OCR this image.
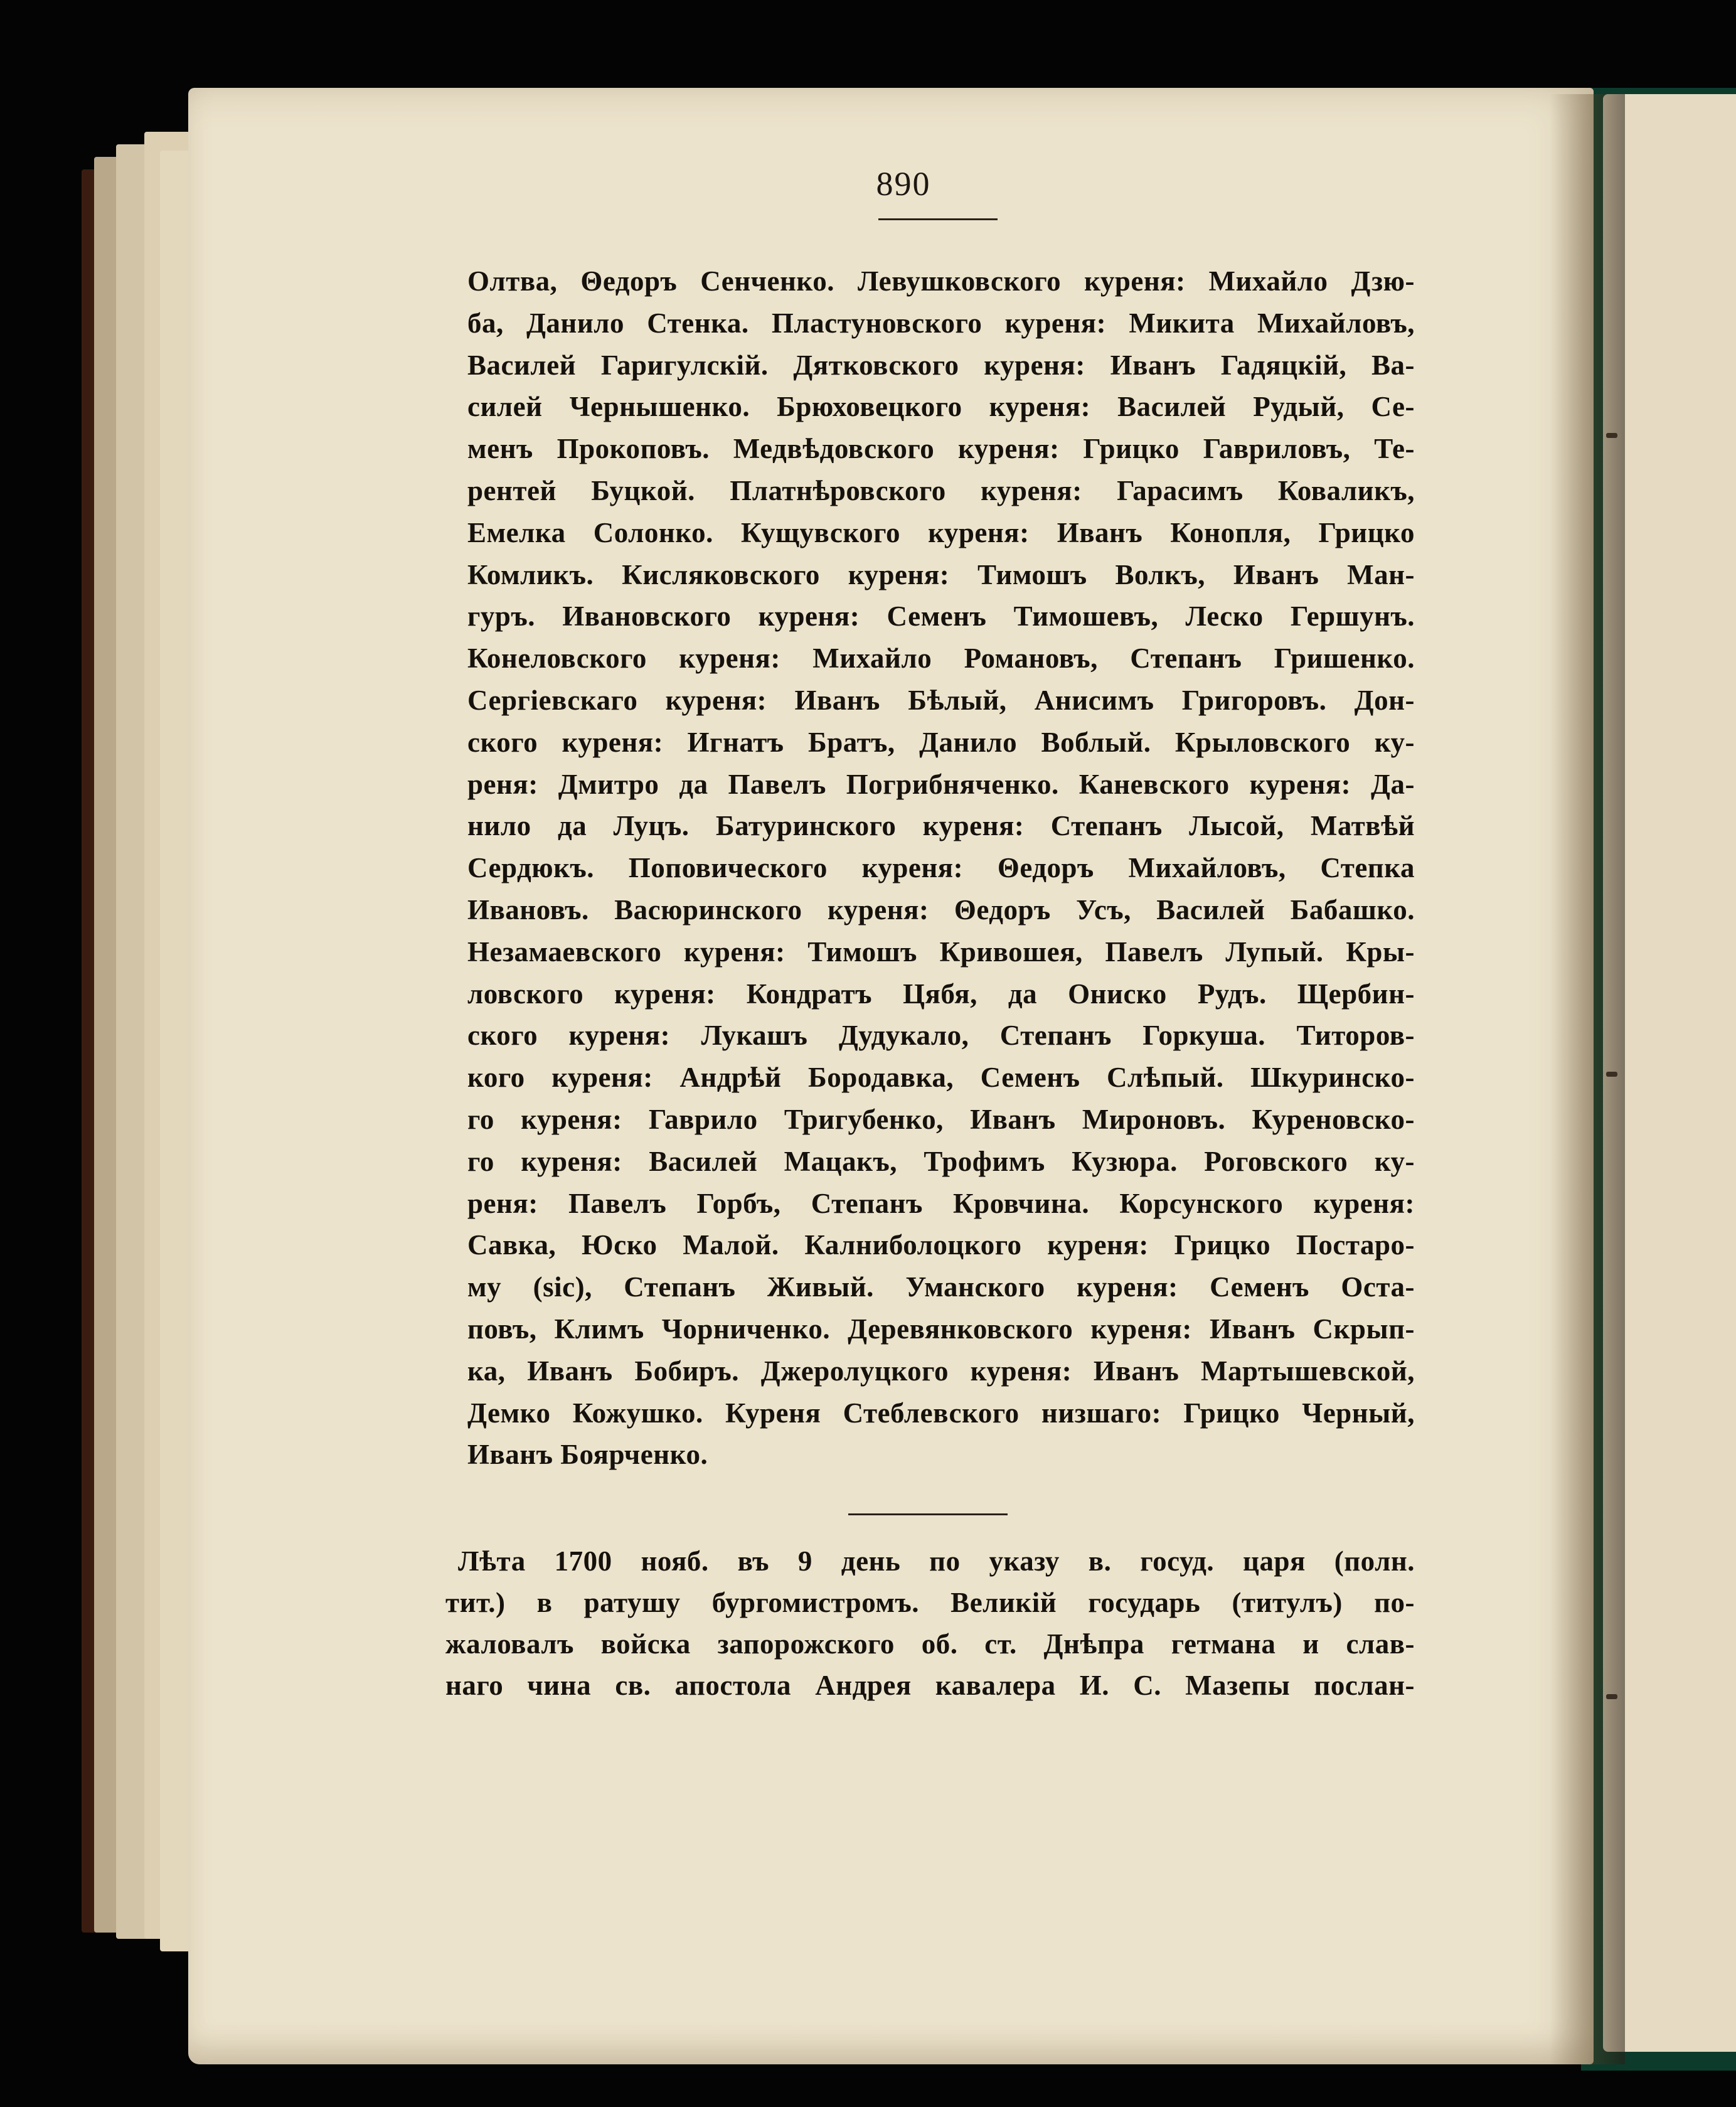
890
Олтва, Θедоръ Сенченко. Левушковского куреня: Михайло Дзю-
ба, Данило Стенка. Пластуновского куреня: Микита Михайловъ,
Василей Гаригулскій. Дятковского куреня: Иванъ Гадяцкій, Ва-
силей Чернышенко. Брюховецкого куреня: Василей Рудый, Се-
менъ Прокоповъ. Медвѣдовского куреня: Грицко Гавриловъ, Те-
рентей Буцкой. Платнѣровского куреня: Гарасимъ Коваликъ,
Емелка Солонко. Кущувского куреня: Иванъ Конопля, Грицко
Комликъ. Кисляковского куреня: Тимошъ Волкъ, Иванъ Ман-
гуръ. Ивановского куреня: Семенъ Тимошевъ, Леско Гершунъ.
Конеловского куреня: Михайло Романовъ, Степанъ Гришенко.
Сергіевскаго куреня: Иванъ Бѣлый, Анисимъ Григоровъ. Дон-
ского куреня: Игнатъ Братъ, Данило Воблый. Крыловского ку-
реня: Дмитро да Павелъ Погрибняченко. Каневского куреня: Да-
нило да Луцъ. Батуринского куреня: Степанъ Лысой, Матвѣй
Сердюкъ. Поповического куреня: Θедоръ Михайловъ, Степка
Ивановъ. Васюринского куреня: Θедоръ Усъ, Василей Бабашко.
Незамаевского куреня: Тимошъ Кривошея, Павелъ Лупый. Кры-
ловского куреня: Кондратъ Цябя, да Ониско Рудъ. Щербин-
ского куреня: Лукашъ Дудукало, Степанъ Горкуша. Титоров-
кого куреня: Андрѣй Бородавка, Семенъ Слѣпый. Шкуринско-
го куреня: Гаврило Тригубенко, Иванъ Мироновъ. Куреновско-
го куреня: Василей Мацакъ, Трофимъ Кузюра. Роговского ку-
реня: Павелъ Горбъ, Степанъ Кровчина. Корсунского куреня:
Савка, Юско Малой. Калниболоцкого куреня: Грицко Постаро-
му (sic), Степанъ Живый. Уманского куреня: Семенъ Оста-
повъ, Климъ Чорниченко. Деревянковского куреня: Иванъ Скрып-
ка, Иванъ Бобиръ. Джеролуцкого куреня: Иванъ Мартышевской,
Демко Кожушко. Куреня Стеблевского низшаго: Грицко Черный,
Иванъ Боярченко.
Лѣта 1700 нояб. въ 9 день по указу в. госуд. царя (полн.
тит.) в ратушу бургомистромъ. Великій государь (титулъ) по-
жаловалъ войска запорожского об. ст. Днѣпра гетмана и слав-
наго чина св. апостола Андрея кавалера И. С. Мазепы послан-
